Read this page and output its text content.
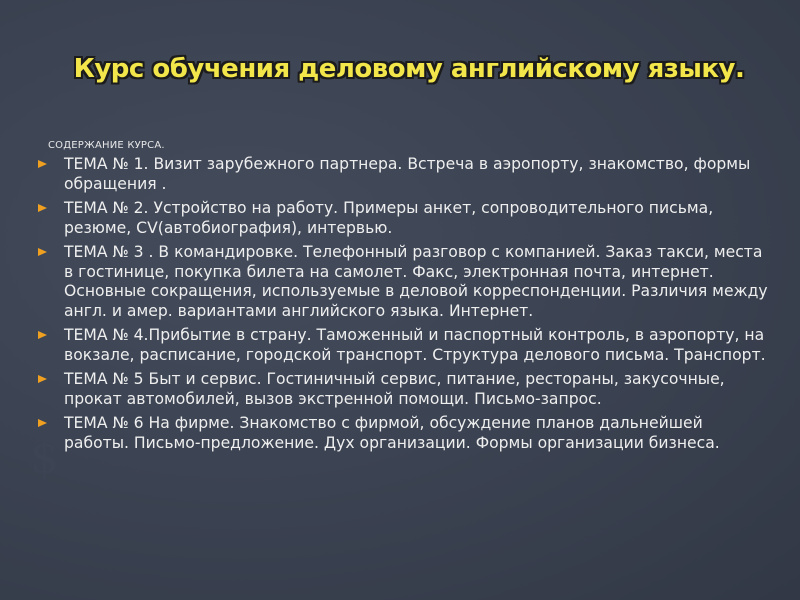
$
Курс обучения деловому английскому языку.
СОДЕРЖАНИЕ КУРСА.
ТЕМА № 1. Визит зарубежного партнера. Встреча в аэропорту, знакомство, формы обращения .
ТЕМА № 2. Устройство на работу. Примеры анкет, сопроводительного письма, резюме, CV(автобиография), интервью.
ТЕМА № 3 . В командировке. Телефонный разговор с компанией. Заказ такси, места в гостинице, покупка билета на самолет. Факс, электронная почта, интернет. Основные сокращения, используемые в деловой корреспонденции. Различия между англ. и амер. вариантами английского языка. Интернет.
ТЕМА № 4.Прибытие в страну. Таможенный и паспортный контроль, в аэропорту, на вокзале, расписание, городской транспорт. Структура делового письма. Транспорт.
ТЕМА № 5 Быт и сервис. Гостиничный сервис, питание, рестораны, закусочные, прокат автомобилей, вызов экстренной помощи. Письмо-запрос.
ТЕМА № 6 На фирме. Знакомство с фирмой, обсуждение планов дальнейшей работы. Письмо-предложение. Дух организации. Формы организации бизнеса.
